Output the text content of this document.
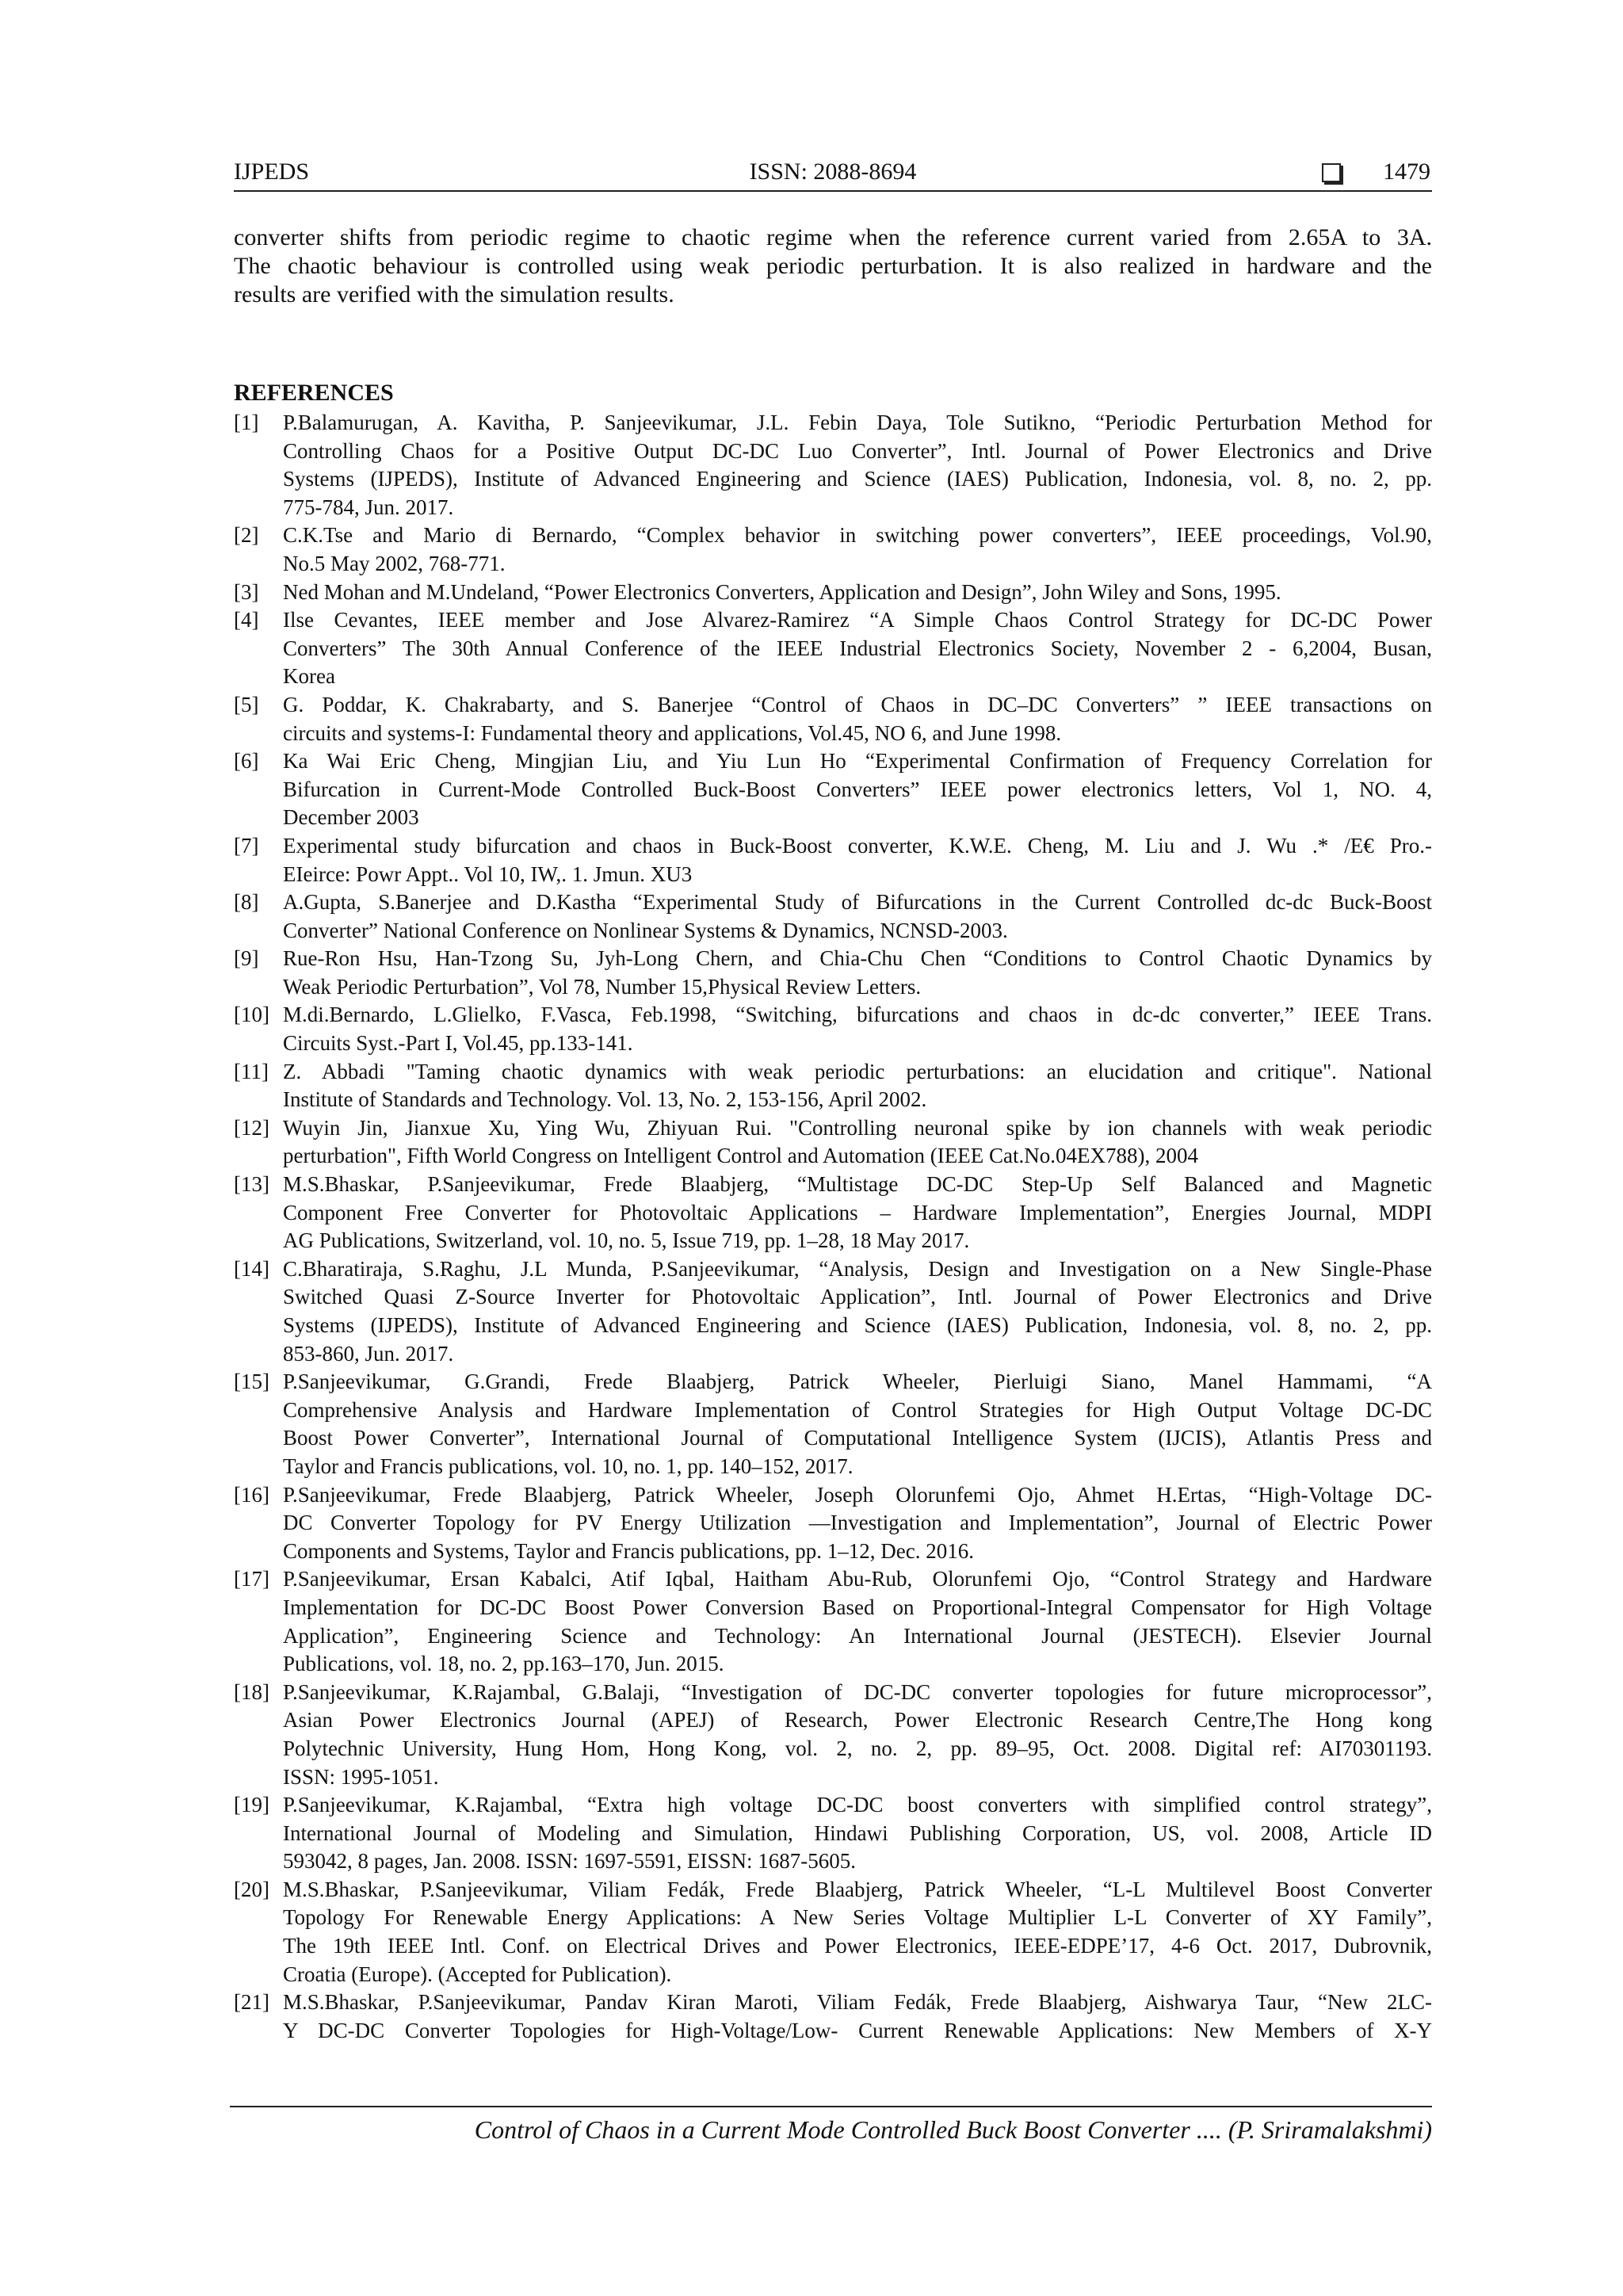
IJPEDS	ISSN: 2088-8694	1479
converter shifts from periodic regime to chaotic regime when the reference current varied from 2.65A to 3A.
The chaotic behaviour is controlled using weak periodic perturbation. It is also realized in hardware and the
results are verified with the simulation results.
REFERENCES
[1] P.Balamurugan, A. Kavitha, P. Sanjeevikumar, J.L. Febin Daya, Tole Sutikno, “Periodic Perturbation Method for
Controlling Chaos for a Positive Output DC-DC Luo Converter”, Intl. Journal of Power Electronics and Drive
Systems (IJPEDS), Institute of Advanced Engineering and Science (IAES) Publication, Indonesia, vol. 8, no. 2, pp.
775-784, Jun. 2017.
[2] C.K.Tse and Mario di Bernardo, “Complex behavior in switching power converters”, IEEE proceedings, Vol.90,
No.5 May 2002, 768-771.
[3] Ned Mohan and M.Undeland, “Power Electronics Converters, Application and Design”, John Wiley and Sons, 1995.
[4] Ilse Cevantes, IEEE member and Jose Alvarez-Ramirez “A Simple Chaos Control Strategy for DC-DC Power
Converters” The 30th Annual Conference of the IEEE Industrial Electronics Society, November 2 - 6,2004, Busan,
Korea
[5] G. Poddar, K. Chakrabarty, and S. Banerjee “Control of Chaos in DC–DC Converters” ” IEEE transactions on
circuits and systems-I: Fundamental theory and applications, Vol.45, NO 6, and June 1998.
[6] Ka Wai Eric Cheng, Mingjian Liu, and Yiu Lun Ho “Experimental Confirmation of Frequency Correlation for
Bifurcation in Current-Mode Controlled Buck-Boost Converters” IEEE power electronics letters, Vol 1, NO. 4,
December 2003
[7] Experimental study bifurcation and chaos in Buck-Boost converter, K.W.E. Cheng, M. Liu and J. Wu .* /E€ Pro.-
EIeirce: Powr Appt.. Vol 10, IW,. 1. Jmun. XU3
[8] A.Gupta, S.Banerjee and D.Kastha “Experimental Study of Bifurcations in the Current Controlled dc-dc Buck-Boost
Converter” National Conference on Nonlinear Systems & Dynamics, NCNSD-2003.
[9] Rue-Ron Hsu, Han-Tzong Su, Jyh-Long Chern, and Chia-Chu Chen “Conditions to Control Chaotic Dynamics by
Weak Periodic Perturbation”, Vol 78, Number 15,Physical Review Letters.
[10] M.di.Bernardo, L.Glielko, F.Vasca, Feb.1998, “Switching, bifurcations and chaos in dc-dc converter,” IEEE Trans.
Circuits Syst.-Part I, Vol.45, pp.133-141.
[11] Z. Abbadi "Taming chaotic dynamics with weak periodic perturbations: an elucidation and critique". National
Institute of Standards and Technology. Vol. 13, No. 2, 153-156, April 2002.
[12] Wuyin Jin, Jianxue Xu, Ying Wu, Zhiyuan Rui. "Controlling neuronal spike by ion channels with weak periodic
perturbation", Fifth World Congress on Intelligent Control and Automation (IEEE Cat.No.04EX788), 2004
[13] M.S.Bhaskar, P.Sanjeevikumar, Frede Blaabjerg, “Multistage DC-DC Step-Up Self Balanced and Magnetic
Component Free Converter for Photovoltaic Applications – Hardware Implementation”, Energies Journal, MDPI
AG Publications, Switzerland, vol. 10, no. 5, Issue 719, pp. 1–28, 18 May 2017.
[14] C.Bharatiraja, S.Raghu, J.L Munda, P.Sanjeevikumar, “Analysis, Design and Investigation on a New Single-Phase
Switched Quasi Z-Source Inverter for Photovoltaic Application”, Intl. Journal of Power Electronics and Drive
Systems (IJPEDS), Institute of Advanced Engineering and Science (IAES) Publication, Indonesia, vol. 8, no. 2, pp.
853-860, Jun. 2017.
[15] P.Sanjeevikumar, G.Grandi, Frede Blaabjerg, Patrick Wheeler, Pierluigi Siano, Manel Hammami, “A
Comprehensive Analysis and Hardware Implementation of Control Strategies for High Output Voltage DC-DC
Boost Power Converter”, International Journal of Computational Intelligence System (IJCIS), Atlantis Press and
Taylor and Francis publications, vol. 10, no. 1, pp. 140–152, 2017.
[16] P.Sanjeevikumar, Frede Blaabjerg, Patrick Wheeler, Joseph Olorunfemi Ojo, Ahmet H.Ertas, “High-Voltage DC-
DC Converter Topology for PV Energy Utilization —Investigation and Implementation”, Journal of Electric Power
Components and Systems, Taylor and Francis publications, pp. 1–12, Dec. 2016.
[17] P.Sanjeevikumar, Ersan Kabalci, Atif Iqbal, Haitham Abu-Rub, Olorunfemi Ojo, “Control Strategy and Hardware
Implementation for DC-DC Boost Power Conversion Based on Proportional-Integral Compensator for High Voltage
Application”, Engineering Science and Technology: An International Journal (JESTECH). Elsevier Journal
Publications, vol. 18, no. 2, pp.163–170, Jun. 2015.
[18] P.Sanjeevikumar, K.Rajambal, G.Balaji, “Investigation of DC-DC converter topologies for future microprocessor”,
Asian Power Electronics Journal (APEJ) of Research, Power Electronic Research Centre,The Hong kong
Polytechnic University, Hung Hom, Hong Kong, vol. 2, no. 2, pp. 89–95, Oct. 2008. Digital ref: AI70301193.
ISSN: 1995-1051.
[19] P.Sanjeevikumar, K.Rajambal, “Extra high voltage DC-DC boost converters with simplified control strategy”,
International Journal of Modeling and Simulation, Hindawi Publishing Corporation, US, vol. 2008, Article ID
593042, 8 pages, Jan. 2008. ISSN: 1697-5591, EISSN: 1687-5605.
[20] M.S.Bhaskar, P.Sanjeevikumar, Viliam Fedák, Frede Blaabjerg, Patrick Wheeler, “L-L Multilevel Boost Converter
Topology For Renewable Energy Applications: A New Series Voltage Multiplier L-L Converter of XY Family”,
The 19th IEEE Intl. Conf. on Electrical Drives and Power Electronics, IEEE-EDPE’17, 4-6 Oct. 2017, Dubrovnik,
Croatia (Europe). (Accepted for Publication).
[21] M.S.Bhaskar, P.Sanjeevikumar, Pandav Kiran Maroti, Viliam Fedák, Frede Blaabjerg, Aishwarya Taur, “New 2LC-
Y DC-DC Converter Topologies for High-Voltage/Low- Current Renewable Applications: New Members of X-Y
Control of Chaos in a Current Mode Controlled Buck Boost Converter .... (P. Sriramalakshmi)
